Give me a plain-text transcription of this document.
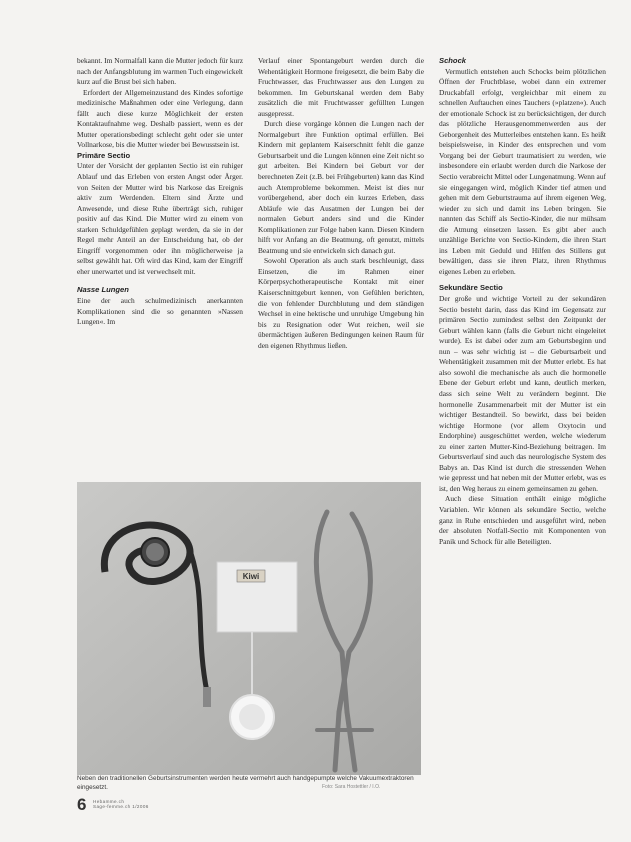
bekannt. Im Normalfall kann die Mutter jedoch für kurz nach der Anfangsblutung im warmen Tuch eingewickelt kurz auf die Brust bei sich haben.

Erfordert der Allgemeinzustand des Kindes sofortige medizinische Maßnahmen oder eine Verlegung, dann fällt auch diese kurze Möglichkeit der ersten Kontaktaufnahme weg. Deshalb passiert, wenn es der Mutter operationsbedingt schlecht geht oder sie unter Vollnarkose, bis die Mutter wieder bei Bewusstsein ist.

Primäre Sectio

Unter der Vorsicht der geplanten Sectio ist ein ruhiger Ablauf und das Erleben von ersten Angst oder Ärger. von Seiten der Mutter wird bis Narkose das Ereignis aktiv zum Werdenden. Eltern sind Ärzte und Anwesende, und diese Ruhe überträgt sich, ruhiger positiv auf das Kind. Die Mutter wird zu einem von starken Schuldgefühlen geplagt werden, da sie in der Regel mehr Anteil an der Entscheidung hat, ob der Eingriff vorgenommen oder ihn möglicherweise ja selbst gewählt hat. Oft wird das Kind, kam der Eingriff eher unerwartet und ist verwechselt mit.

Nasse Lungen

Eine der auch schulmedizinisch anerkannten Komplikationen sind die so genannten »Nassen Lungen«. Im

Verlauf einer Spontangeburt werden durch die Wehentätigkeit Hormone freigesetzt, die beim Baby die Fruchtwasser, das Fruchtwasser aus den Lungen zu bekommen. Im Geburtskanal werden dem Baby zusätzlich die mit Fruchtwasser gefüllten Lungen ausgepresst.

Durch diese vorgänge können die Lungen nach der Normalgeburt ihre Funktion optimal erfüllen. Bei Kindern mit geplantem Kaiserschnitt fehlt die ganze Geburtsarbeit und die Lungen können eine Zeit nicht so gut arbeiten. Bei Kindern bei Geburt vor der berechneten Zeit (z.B. bei Frühgeburten) kann das Kind auch Atemprobleme bekommen. Meist ist dies nur vorübergehend, aber doch ein kurzes Erleben, dass Abläufe wie das Ausatmen der Lungen bei der normalen Geburt anders sind und die Kinder Komplikationen zur Folge haben kann. Diesen Kindern hilft vor Anfang an die Beatmung, oft genutzt, mittels Beatmung und sie entwickeln sich danach gut.

Sowohl Operation als auch stark beschleunigt, dass Einsetzen, die im Rahmen einer Körperpsychotherapeutische Kontakt mit einer Kaiserschnittgeburt kennen, von Gefühlen berichten, die von fehlender Durchblutung und dem ständigen Wechsel in eine hektische und unruhige Umgebung hin bis zu Resignation oder Wut reichen, weil sie übermächtigen äußeren Bedingungen keinen Raum für den eigenen Rhythmus ließen.

Schock

Vermutlich entstehen auch Schocks beim plötzlichen Öffnen der Fruchtblase, wobei dann ein extremer Druckabfall erfolgt, vergleichbar mit einem zu schnellen Auftauchen eines Tauchers (»platzen«). Auch der emotionale Schock ist zu berücksichtigen, der durch das plötzliche Herausgenommenwerden aus der Geborgenheit des Mutterleibes entstehen kann. Es heißt beispielsweise, in Kinder des entsprechen und vom Vorgang bei der Geburt traumatisiert zu werden, wie insbesondere ein erlaubt werden durch die Narkose der Sectio verabreicht Mittel oder Lungenatmung. Wenn auf sie eingegangen wird, möglich Kinder tief atmen und gehen mit dem Geburtstrauma auf ihrem eigenen Weg, wieder zu sich und damit ins Leben bringen. Sie nannten das Schiff als Sectio-Kinder, die nur mühsam die Atmung einsetzen lassen. Es gibt aber auch unzählige Berichte von Sectio-Kindern, die ihren Start ins Leben mit Geduld und Hilfen des Stillens gut bewältigen, dass sie ihren Platz, ihren Rhythmus eigenes Leben zu erleben.

Sekundäre Sectio

Der große und wichtige Vorteil zu der sekundären Sectio besteht darin, dass das Kind im Gegensatz zur primären Sectio zumindest selbst den Zeitpunkt der Geburt wählen kann (falls die Geburt nicht eingeleitet wurde). Es ist dabei oder zum am Geburtsbeginn und nun – was sehr wichtig ist – die Geburtsarbeit und Wehentätigkeit zusammen mit der Mutter erlebt. Es hat also sowohl die mechanische als auch die hormonelle Ebene der Geburt erlebt und kann, deutlich merken, dass sich seine Welt zu verändern beginnt. Die hormonelle Zusammenarbeit mit der Mutter ist ein wichtiger Bestandteil. So bewirkt, dass bei beiden wichtige Hormone (vor allem Oxytocin und Endorphine) ausgeschüttet werden, welche wiederum zu einer zarten Mutter-Kind-Beziehung beitragen. Im Geburtsverlauf sind auch das neurologische System des Babys an. Das Kind ist durch die stressenden Wehen wie gepresst und hat neben mit der Mutter erlebt, was es ist, den Weg heraus zu einem gemeinsamen zu gehen.

Auch diese Situation enthält einige mögliche Variablen. Wir können als sekundäre Sectio, welche ganz in Ruhe entschieden und ausgeführt wird, neben der absoluten Notfall-Sectio mit Komponenten von Panik und Schock für alle Beteiligten.

Kiwi
Neben den traditionellen Geburtsinstrumenten werden heute vermehrt auch handgepumpte welche Vakuumextraktoren eingesetzt.	Foto: Sara Hostettler / I.O.
6 Hebamme.ch
Sage-femme.ch 1/2006
